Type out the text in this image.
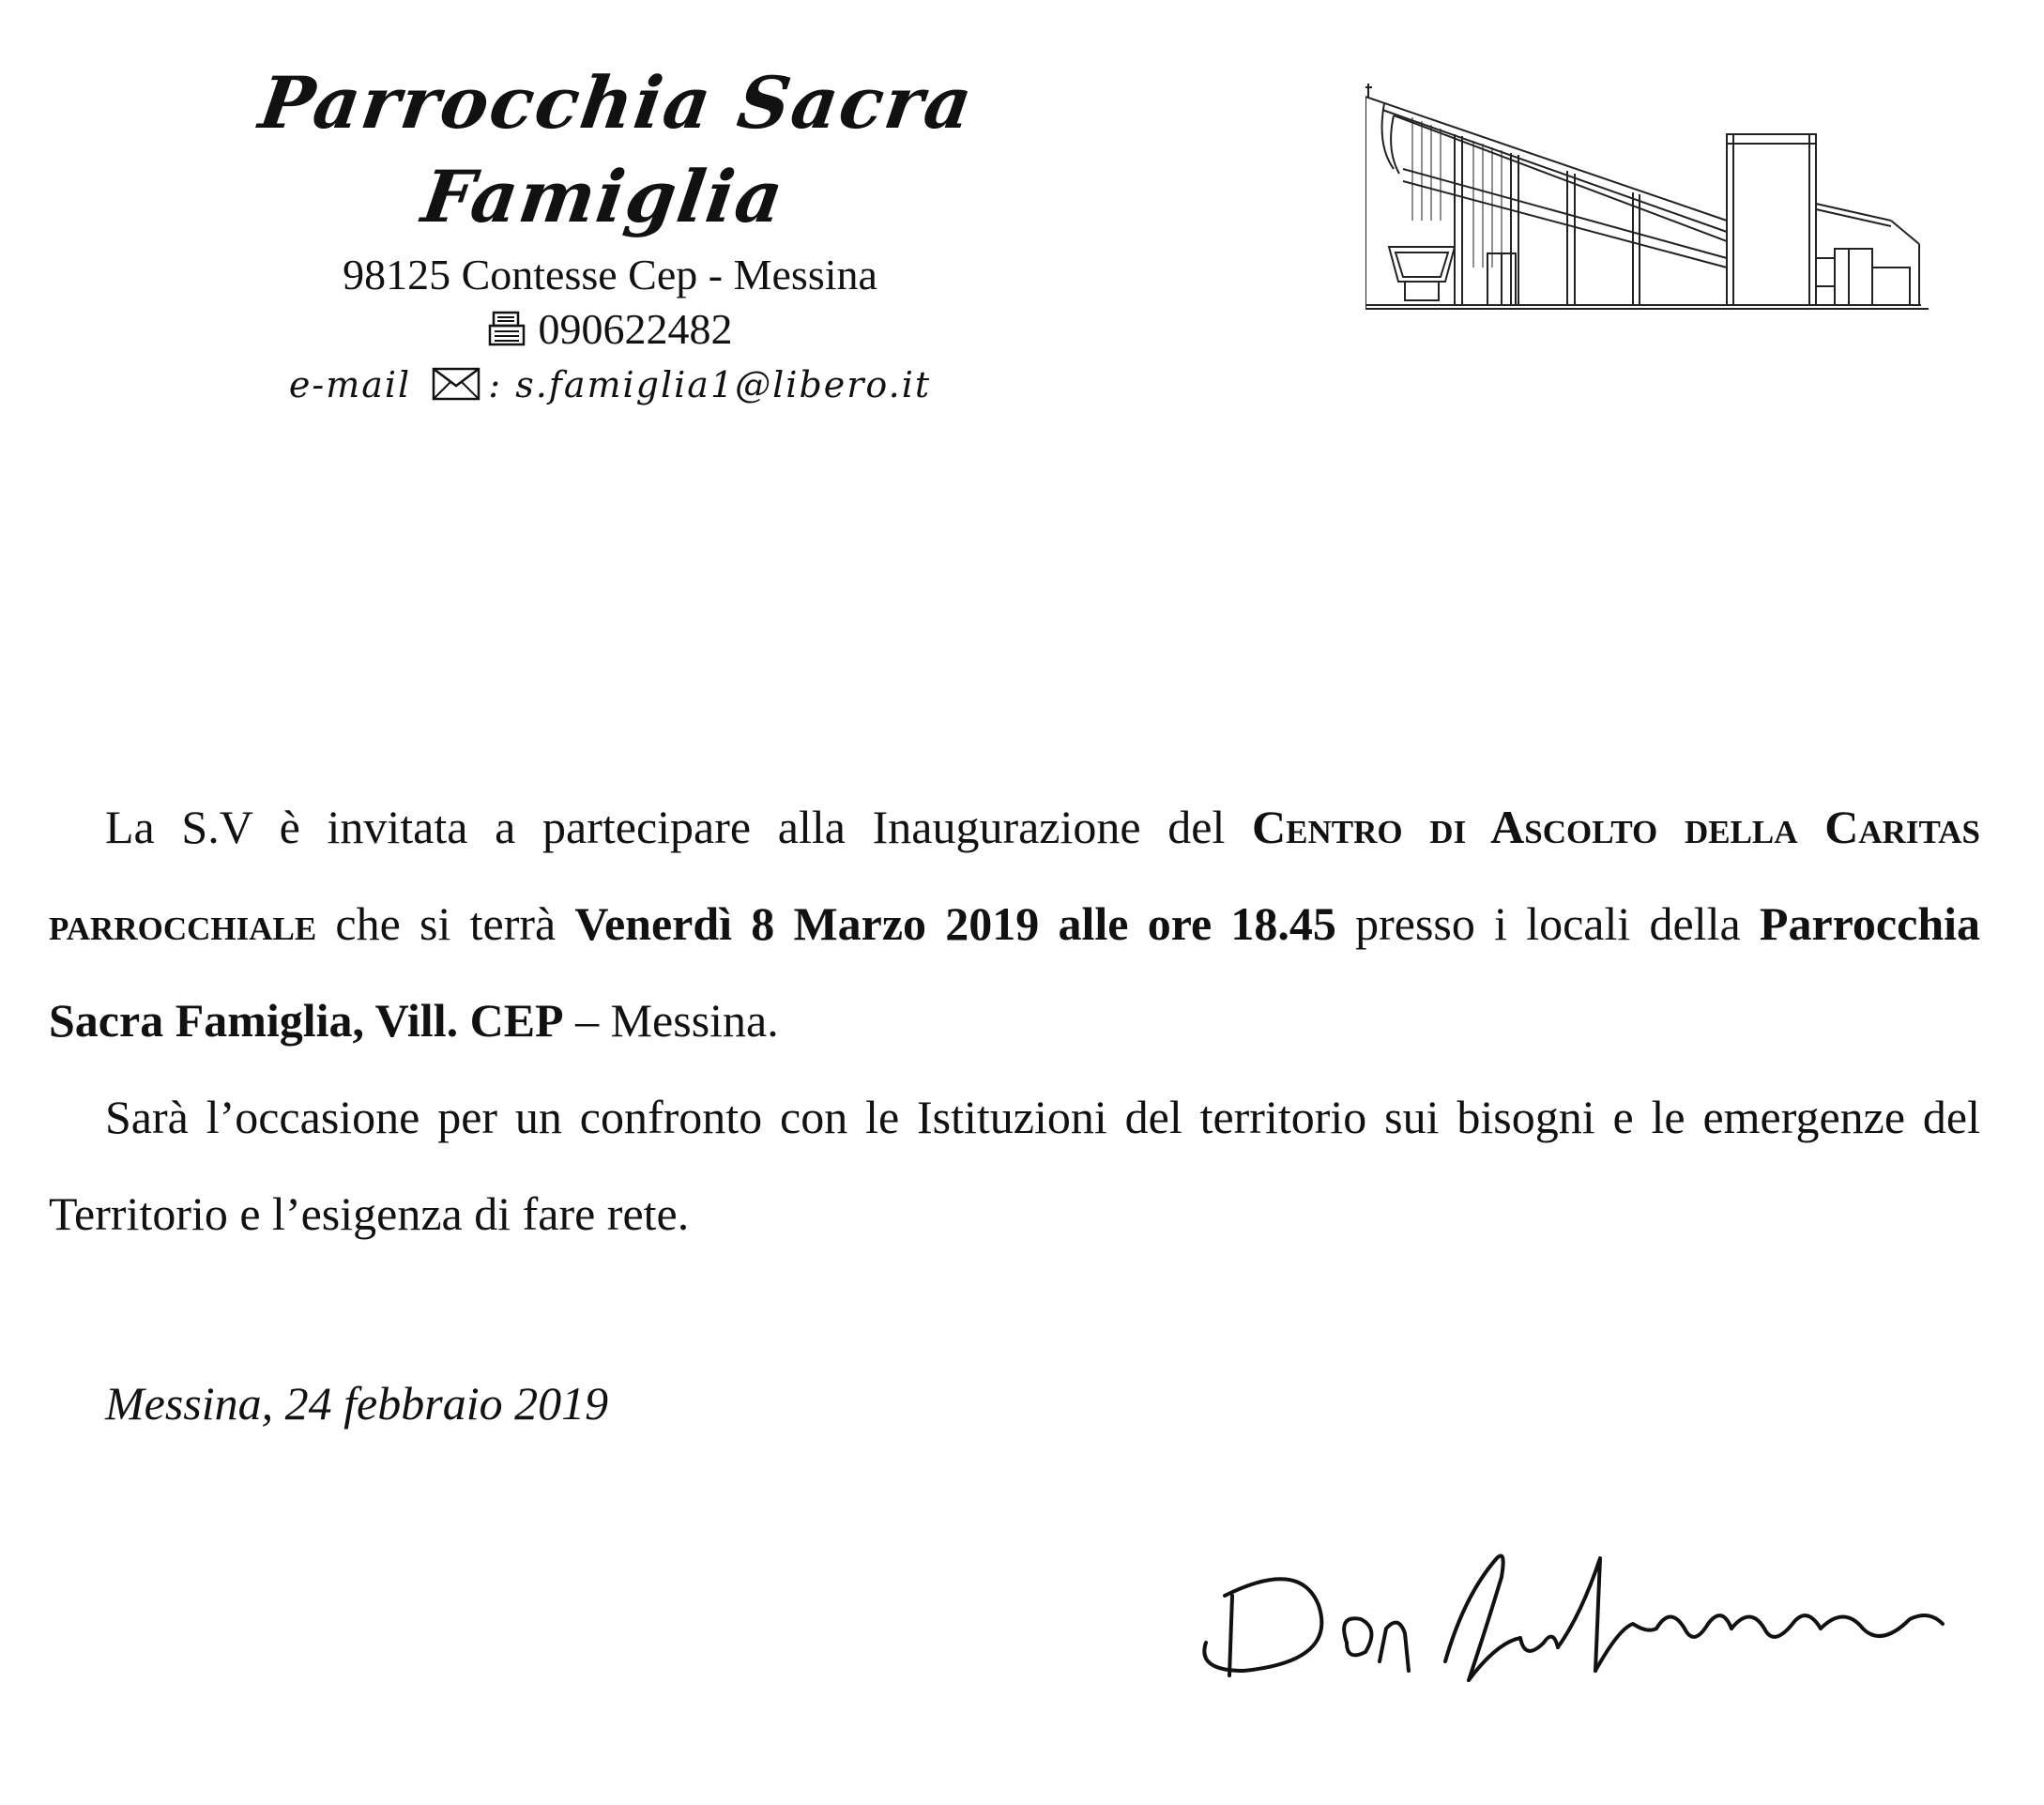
Parrocchia Sacra Famiglia
98125 Contesse Cep - Messina
090622482
e-mail : s.famiglia1@libero.it

La S.V è invitata a partecipare alla Inaugurazione del Centro di Ascolto della Caritas parrocchiale che si terrà Venerdì 8 Marzo 2019 alle ore 18.45 presso i locali della Parrocchia Sacra Famiglia, Vill. CEP – Messina.

Sarà l’occasione per un confronto con le Istituzioni del territorio sui bisogni e le emergenze del Territorio e l’esigenza di fare rete.

Messina, 24 febbraio 2019
